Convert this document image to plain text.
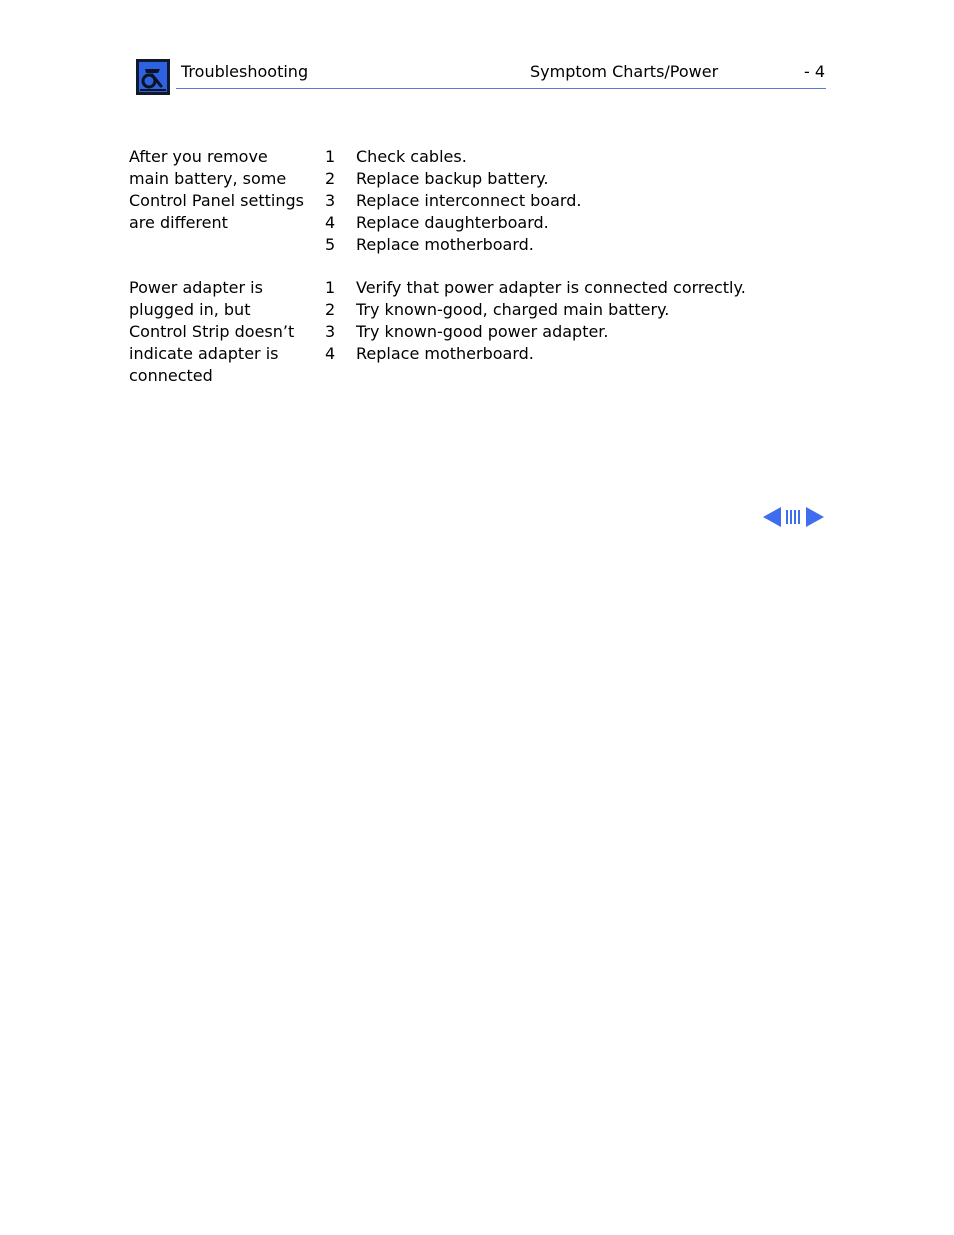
Troubleshooting	Symptom Charts/Power	- 4
After you remove
main battery, some
Control Panel settings
are different
1 Check cables.
2 Replace backup battery.
3 Replace interconnect board.
4 Replace daughterboard.
5 Replace motherboard.
Power adapter is
plugged in, but
Control Strip doesn’t
indicate adapter is
connected
1 Verify that power adapter is connected correctly.
2 Try known-good, charged main battery.
3 Try known-good power adapter.
4 Replace motherboard.
